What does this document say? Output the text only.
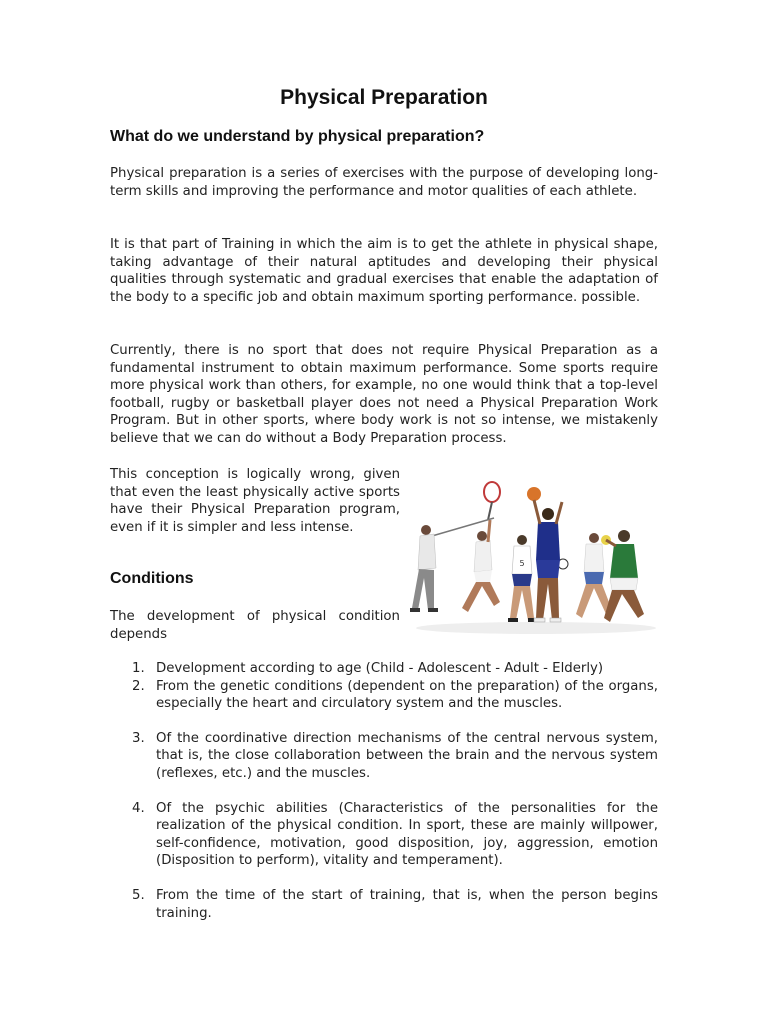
Physical Preparation
What do we understand by physical preparation?
Physical preparation is a series of exercises with the purpose of developing long-term skills and improving the performance and motor qualities of each athlete.
It is that part of Training in which the aim is to get the athlete in physical shape, taking advantage of their natural aptitudes and developing their physical qualities through systematic and gradual exercises that enable the adaptation of the body to a specific job and obtain maximum sporting performance. possible.
Currently, there is no sport that does not require Physical Preparation as a fundamental instrument to obtain maximum performance. Some sports require more physical work than others, for example, no one would think that a top-level football, rugby or basketball player does not need a Physical Preparation Work Program. But in other sports, where body work is not so intense, we mistakenly believe that we can do without a Body Preparation process.
This conception is logically wrong, given that even the least physically active sports have their Physical Preparation program, even if it is simpler and less intense.
Conditions
The development of physical condition depends
1. Development according to age (Child - Adolescent - Adult - Elderly)
2. From the genetic conditions (dependent on the preparation) of the organs, especially the heart and circulatory system and the muscles.
3. Of the coordinative direction mechanisms of the central nervous system, that is, the close collaboration between the brain and the nervous system (reflexes, etc.) and the muscles.
4. Of the psychic abilities (Characteristics of the personalities for the realization of the physical condition. In sport, these are mainly willpower, self-confidence, motivation, good disposition, joy, aggression, emotion (Disposition to perform), vitality and temperament).
5. From the time of the start of training, that is, when the person begins training.
5
